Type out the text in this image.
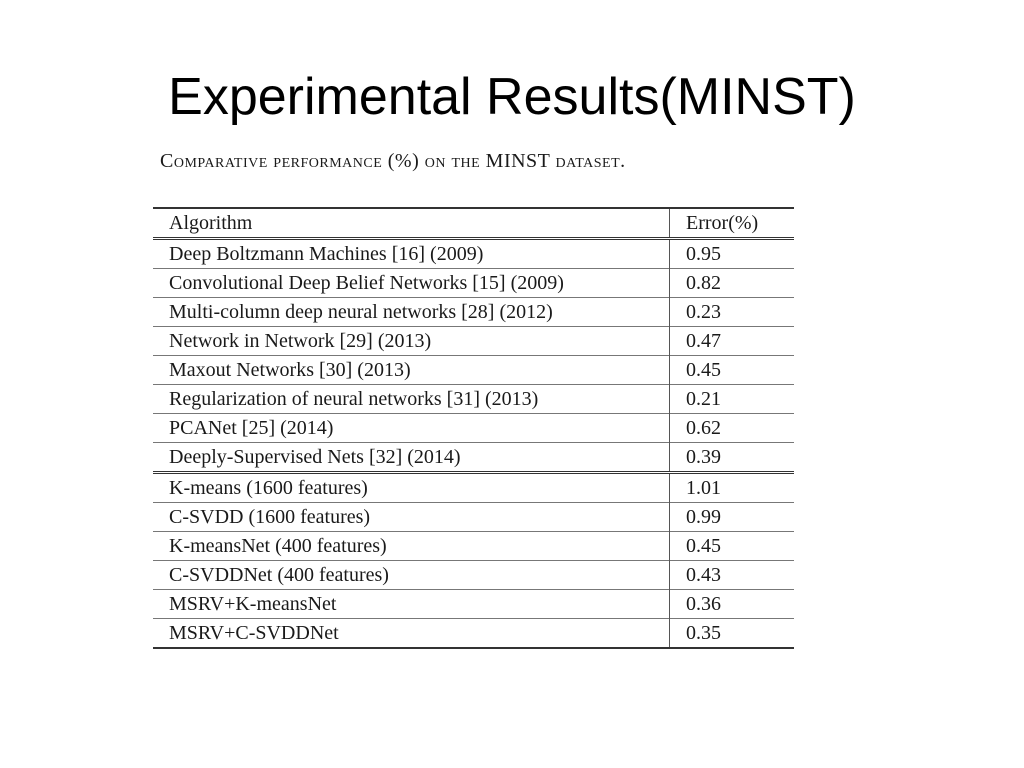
Experimental Results(MINST)
Comparative performance (%) on the MINST dataset.
Algorithm	Error(%)
Deep Boltzmann Machines [16] (2009)	0.95
Convolutional Deep Belief Networks [15] (2009)	0.82
Multi-column deep neural networks [28] (2012)	0.23
Network in Network [29] (2013)	0.47
Maxout Networks [30] (2013)	0.45
Regularization of neural networks [31] (2013)	0.21
PCANet [25] (2014)	0.62
Deeply-Supervised Nets [32] (2014)	0.39
K-means (1600 features)	1.01
C-SVDD (1600 features)	0.99
K-meansNet (400 features)	0.45
C-SVDDNet (400 features)	0.43
MSRV+K-meansNet	0.36
MSRV+C-SVDDNet	0.35
